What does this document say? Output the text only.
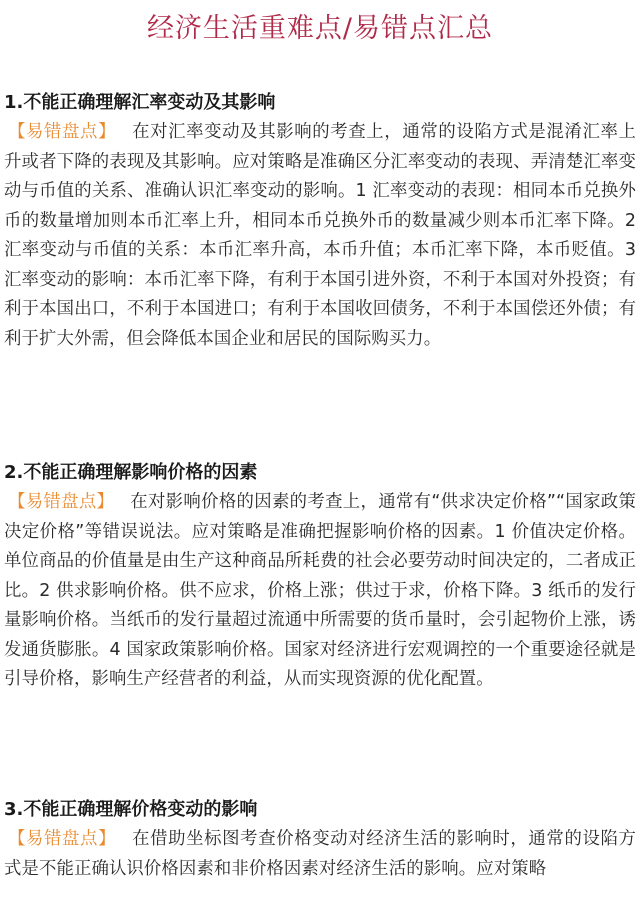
经济生活重难点/易错点汇总
1.不能正确理解汇率变动及其影响

【易错盘点】 在对汇率变动及其影响的考查上，通常的设陷方式是混淆汇率上升或者下降的表现及其影响。应对策略是准确区分汇率变动的表现、弄清楚汇率变动与币值的关系、准确认识汇率变动的影响。1 汇率变动的表现：相同本币兑换外币的数量增加则本币汇率上升，相同本币兑换外币的数量减少则本币汇率下降。2 汇率变动与币值的关系：本币汇率升高，本币升值；本币汇率下降，本币贬值。3 汇率变动的影响：本币汇率下降，有利于本国引进外资，不利于本国对外投资；有利于本国出口，不利于本国进口；有利于本国收回债务，不利于本国偿还外债；有利于扩大外需，但会降低本国企业和居民的国际购买力。

2.不能正确理解影响价格的因素

【易错盘点】 在对影响价格的因素的考查上，通常有“供求决定价格”“国家政策决定价格”等错误说法。应对策略是准确把握影响价格的因素。1 价值决定价格。单位商品的价值量是由生产这种商品所耗费的社会必要劳动时间决定的，二者成正比。2 供求影响价格。供不应求，价格上涨；供过于求，价格下降。3 纸币的发行量影响价格。当纸币的发行量超过流通中所需要的货币量时，会引起物价上涨，诱发通货膨胀。4 国家政策影响价格。国家对经济进行宏观调控的一个重要途径就是引导价格，影响生产经营者的利益，从而实现资源的优化配置。

3.不能正确理解价格变动的影响

【易错盘点】 在借助坐标图考查价格变动对经济生活的影响时，通常的设陷方式是不能正确认识价格因素和非价格因素对经济生活的影响。应对策略
